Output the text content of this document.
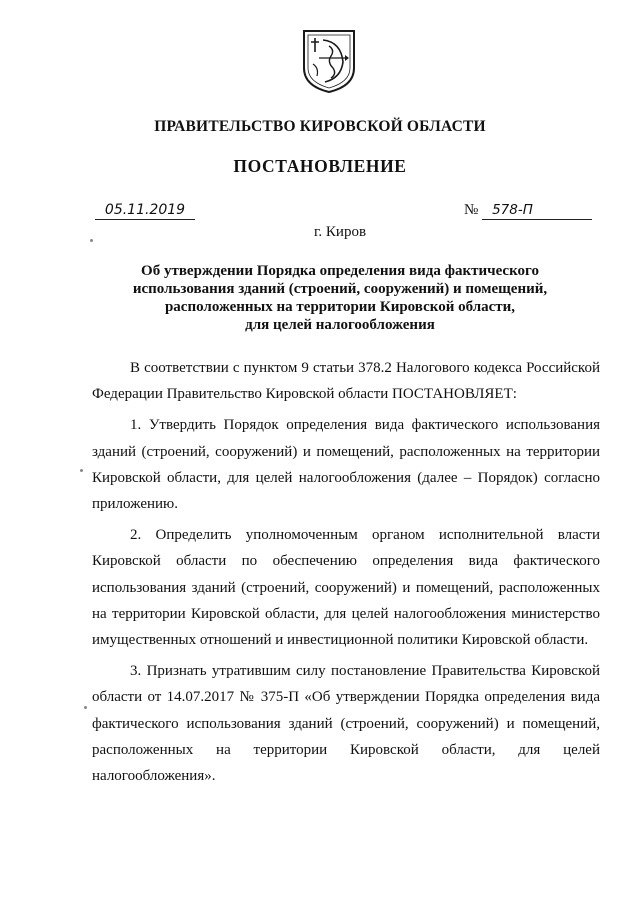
ПРАВИТЕЛЬСТВО КИРОВСКОЙ ОБЛАСТИ
ПОСТАНОВЛЕНИЕ
05.11.2019	№ 578-П
г. Киров
Об утверждении Порядка определения вида фактического
использования зданий (строений, сооружений) и помещений,
расположенных на территории Кировской области,
для целей налогообложения

В соответствии с пунктом 9 статьи 378.2 Налогового кодекса Российской Федерации Правительство Кировской области ПОСТАНОВЛЯЕТ:

1. Утвердить Порядок определения вида фактического использования зданий (строений, сооружений) и помещений, расположенных на территории Кировской области, для целей налогообложения (далее – Порядок) согласно приложению.

2. Определить уполномоченным органом исполнительной власти Кировской области по обеспечению определения вида фактического использования зданий (строений, сооружений) и помещений, расположенных на территории Кировской области, для целей налогообложения министерство имущественных отношений и инвестиционной политики Кировской области.

3. Признать утратившим силу постановление Правительства Кировской области от 14.07.2017 № 375-П «Об утверждении Порядка определения вида фактического использования зданий (строений, сооружений) и помещений, расположенных на территории Кировской области, для целей налогообложения».
